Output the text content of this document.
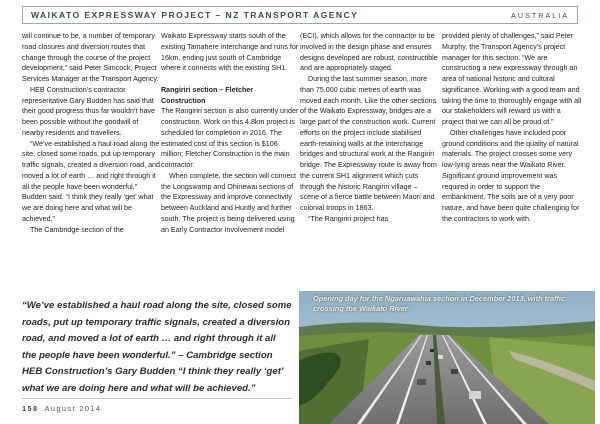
WAIKATO EXPRESSWAY PROJECT – NZ TRANSPORT AGENCY	AUSTRALIA

will continue to be, a number of temporary road closures and diversion routes that change through the course of the project development,” said Peter Simcock, Project Services Manager at the Transport Agency.

HEB Construction’s contractor representative Gary Budden has said that their good progress thus far wouldn’t have been possible without the goodwill of nearby residents and travellers.

“We’ve established a haul road along the site, closed some roads, put up temporary traffic signals, created a diversion road, and moved a lot of earth … and right through it all the people have been wonderful,” Budden said. “I think they really ‘get’ what we are doing here and what will be achieved.”

The Cambridge section of the

Waikato Expressway starts south of the existing Tamahere interchange and runs for 16km, ending just south of Cambridge where it connects with the existing SH1.

Rangiriri section – Fletcher Construction

The Rangiriri section is also currently under construction. Work on this 4.8km project is scheduled for completion in 2016. The estimated cost of this section is $106 million; Fletcher Construction is the main contractor.

When complete, the section will connect the Longswamp and Ohinewai sections of the Expressway and improve connectivity between Auckland and Huntly and further south. The project is being delivered using an Early Contractor Involvement model

(ECI), which allows for the contractor to be involved in the design phase and ensures designs developed are robust, constructible and are appropriately staged.

During the last summer season, more than 75,000 cubic metres of earth was moved each month. Like the other sections of the Waikato Expressway, bridges are a large part of the construction work. Current efforts on the project include stabilised earth-retaining walls at the interchange bridges and structural work at the Rangiriri bridge. The Expressway route is away from the current SH1 alignment which cuts through the historic Rangiriri village – scene of a fierce battle between Maori and colonial troops in 1863.

“The Rangiriri project has

provided plenty of challenges,” said Peter Murphy, the Transport Agency’s project manager for this section. “We are constructing a new expressway through an area of national historic and cultural significance. Working with a good team and taking the time to thoroughly engage with all our stakeholders will reward us with a project that we can all be proud of.”

Other challenges have included poor ground conditions and the quality of natural materials. The project crosses some very low-lying areas near the Waikato River. Significant ground improvement was required in order to support the embankment. The soils are of a very poor nature, and have been quite challenging for the contractors to work with.

“We’ve established a haul road along the site, closed some roads, put up temporary traffic signals, created a diversion road, and moved a lot of earth … and right through it all the people have been wonderful.” – Cambridge section HEB Construction’s Gary Budden “I think they really ‘get’ what we are doing here and what will be achieved.”
Opening day for the Ngaruawahia section in December 2013, with traffic crossing the Waikato River.
158 August 2014
